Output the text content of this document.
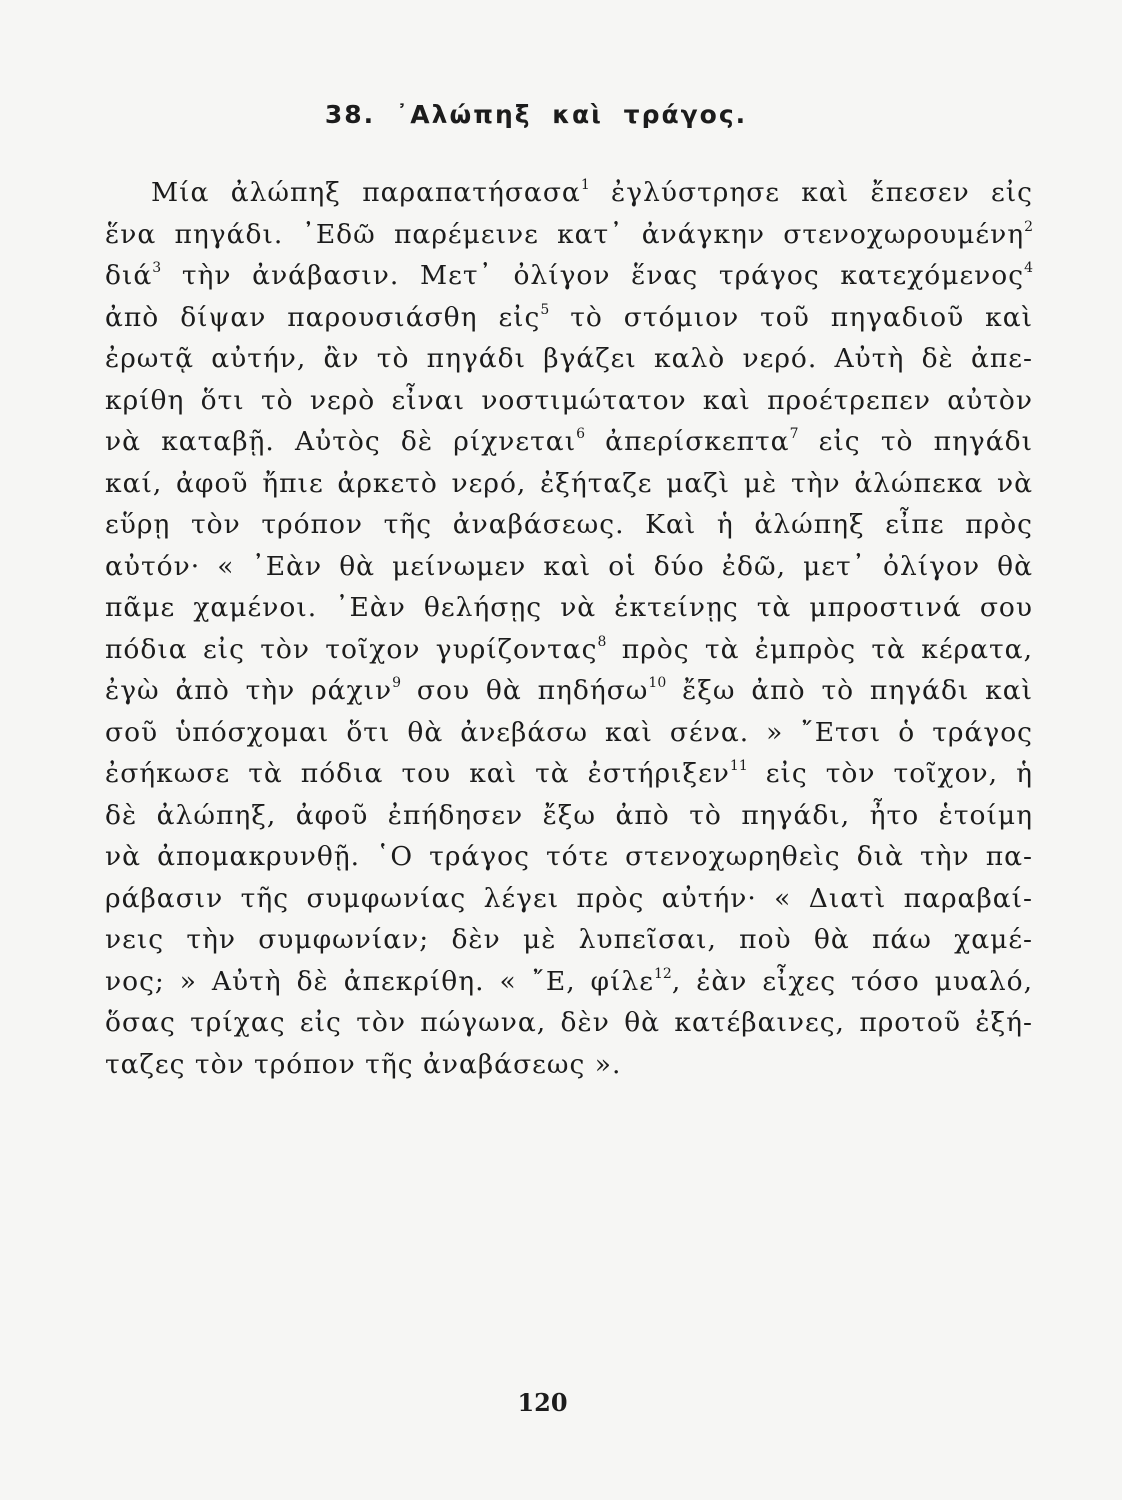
38. ᾿Αλώπηξ καὶ τράγος.
Μία ἀλώπηξ παραπατήσασα$^1$ ἐγλύστρησε καὶ ἔπεσεν εἰς
ἕνα πηγάδι. ᾿Εδῶ παρέμεινε κατ᾿ ἀνάγκην στενοχωρουμένη$^2$
διά$^3$ τὴν ἀνάβασιν. Μετ᾿ ὀλίγον ἕνας τράγος κατεχόμενος$^4$
ἀπὸ δίψαν παρουσιάσθη εἰς$^5$ τὸ στόμιον τοῦ πηγαδιοῦ καὶ
ἐρωτᾷ αὐτήν, ἂν τὸ πηγάδι βγάζει καλὸ νερό. Αὐτὴ δὲ ἀπε-
κρίθη ὅτι τὸ νερὸ εἶναι νοστιμώτατον καὶ προέτρεπεν αὐτὸν
νὰ καταβῇ. Αὐτὸς δὲ ρίχνεται$^6$ ἀπερίσκεπτα$^7$ εἰς τὸ πηγάδι
καί, ἀφοῦ ἤπιε ἀρκετὸ νερό, ἐξήταζε μαζὶ μὲ τὴν ἀλώπεκα νὰ
εὕρῃ τὸν τρόπον τῆς ἀναβάσεως. Καὶ ἡ ἀλώπηξ εἶπε πρὸς
αὐτόν· « ᾿Εὰν θὰ μείνωμεν καὶ οἱ δύο ἐδῶ, μετ᾿ ὀλίγον θὰ
πᾶμε χαμένοι. ᾿Εὰν θελήσῃς νὰ ἐκτείνῃς τὰ μπροστινά σου
πόδια εἰς τὸν τοῖχον γυρίζοντας$^8$ πρὸς τὰ ἐμπρὸς τὰ κέρατα,
ἐγὼ ἀπὸ τὴν ράχιν$^9$ σου θὰ πηδήσω$^{10}$ ἔξω ἀπὸ τὸ πηγάδι καὶ
σοῦ ὑπόσχομαι ὅτι θὰ ἀνεβάσω καὶ σένα. » ῎Ετσι ὁ τράγος
ἐσήκωσε τὰ πόδια του καὶ τὰ ἐστήριξεν$^{11}$ εἰς τὸν τοῖχον, ἡ
δὲ ἀλώπηξ, ἀφοῦ ἐπήδησεν ἔξω ἀπὸ τὸ πηγάδι, ἦτο ἑτοίμη
νὰ ἀπομακρυνθῇ. ῾Ο τράγος τότε στενοχωρηθεὶς διὰ τὴν πα-
ράβασιν τῆς συμφωνίας λέγει πρὸς αὐτήν· « Διατὶ παραβαί-
νεις τὴν συμφωνίαν; δὲν μὲ λυπεῖσαι, ποὺ θὰ πάω χαμέ-
νος; » Αὐτὴ δὲ ἀπεκρίθη. « ῎Ε, φίλε$^{12}$, ἐὰν εἶχες τόσο μυαλό,
ὅσας τρίχας εἰς τὸν πώγωνα, δὲν θὰ κατέβαινες, προτοῦ ἐξή-
ταζες τὸν τρόπον τῆς ἀναβάσεως ».
120
